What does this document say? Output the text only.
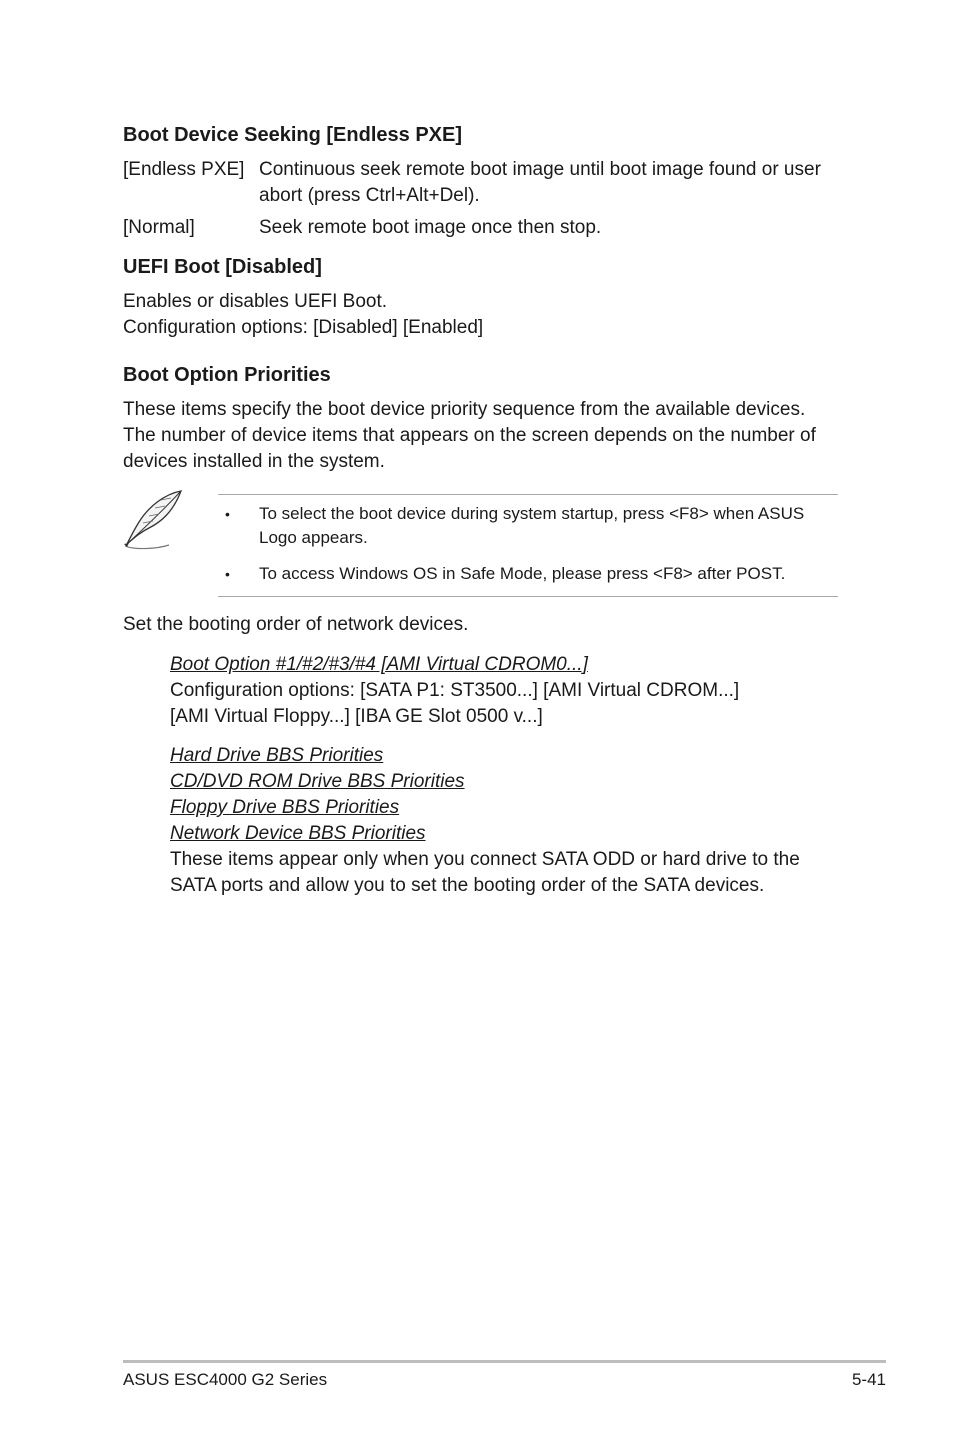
Boot Device Seeking [Endless PXE]
[Endless PXE] Continuous seek remote boot image until boot image found or user
abort (press Ctrl+Alt+Del).
[Normal]	Seek remote boot image once then stop.
UEFI Boot [Disabled]

Enables or disables UEFI Boot.

Configuration options: [Disabled] [Enabled]

Boot Option Priorities

These items specify the boot device priority sequence from the available devices.

The number of device items that appears on the screen depends on the number of

devices installed in the system.

• To select the boot device during system startup, press <F8> when ASUS
Logo appears.
• To access Windows OS in Safe Mode, please press <F8> after POST.

Set the booting order of network devices.

Boot Option #1/#2/#3/#4 [AMI Virtual CDROM0...]

Configuration options: [SATA P1: ST3500...] [AMI Virtual CDROM...]

[AMI Virtual Floppy...] [IBA GE Slot 0500 v...]

Hard Drive BBS Priorities
CD/DVD ROM Drive BBS Priorities
Floppy Drive BBS Priorities
Network Device BBS Priorities

These items appear only when you connect SATA ODD or hard drive to the

SATA ports and allow you to set the booting order of the SATA devices.

ASUS ESC4000 G2 Series	5-41
